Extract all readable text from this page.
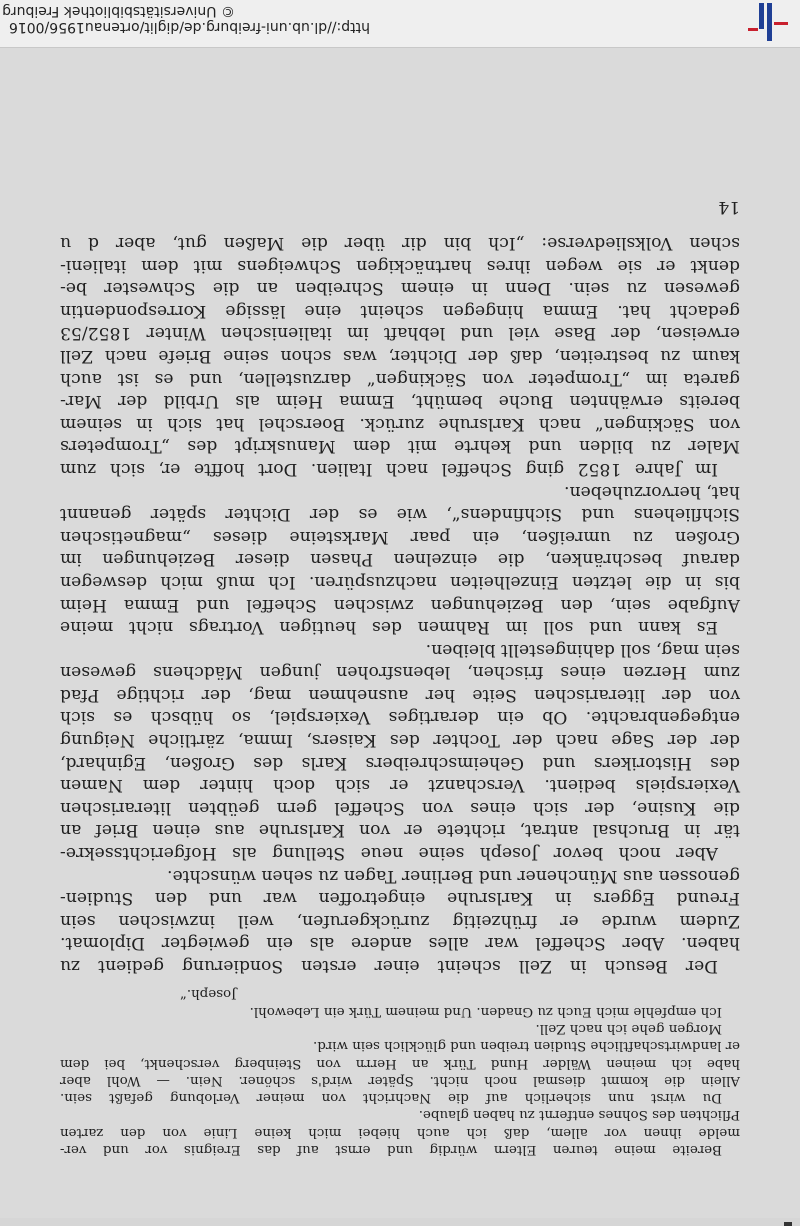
Bereite meine teuren Eltern würdig und ernst auf das Ereignis vor und ver-
melde ihnen vor allem, daß ich auch hiebei mich keine Linie von den zarten
Pflichten des Sohnes entfernt zu haben glaube.
Du wirst nun sicherlich auf die Nachricht von meiner Verlobung gefaßt sein.
Allein die kommt diesmal noch nicht. Später wird's schöner. Nein. — Wohl aber
habe ich meinen Wälder Hund Türk an Herrn von Steinberg verschenkt, bei dem
er landwirtschaftliche Studien treiben und glücklich sein wird.
Morgen gehe ich nach Zell.
Ich empfehle mich Euch zu Gnaden. Und meinem Türk ein Lebewohl.
Joseph.“
Der Besuch in Zell scheint einer ersten Sondierung gedient zu
haben. Aber Scheffel war alles andere als ein gewiegter Diplomat.
Zudem wurde er frühzeitig zurückgerufen, weil inzwischen sein
Freund Eggers in Karlsruhe eingetroffen war und den Studien-
genossen aus Münchener und Berliner Tagen zu sehen wünschte.
Aber noch bevor Joseph seine neue Stellung als Hofgerichtssekre-
tär in Bruchsal antrat, richtete er von Karlsruhe aus einen Brief an
die Kusine, der sich eines von Scheffel gern geübten literarischen
Vexierspiels bedient. Verschanzt er sich doch hinter dem Namen
des Historikers und Geheimschreibers Karls des Großen, Eginhard,
der der Sage nach der Tochter des Kaisers, Imma, zärtliche Neigung
entgegenbrachte. Ob ein derartiges Vexierspiel, so hübsch es sich
von der literarischen Seite her ausnehmen mag, der richtige Pfad
zum Herzen eines frischen, lebensfrohen jungen Mädchens gewesen
sein mag, soll dahingestellt bleiben.
Es kann und soll im Rahmen des heutigen Vortrags nicht meine
Aufgabe sein, den Beziehungen zwischen Scheffel und Emma Heim
bis in die letzten Einzelheiten nachzuspüren. Ich muß mich deswegen
darauf beschränken, die einzelnen Phasen dieser Beziehungen im
Großen zu umreißen, ein paar Marksteine dieses „magnetischen
Sichfliehens und Sichfindens“, wie es der Dichter später genannt
hat, hervorzuheben.
Im Jahre 1852 ging Scheffel nach Italien. Dort hoffte er, sich zum
Maler zu bilden und kehrte mit dem Manuskript des „Trompeters
von Säckingen“ nach Karlsruhe zurück. Boerschel hat sich in seinem
bereits erwähnten Buche bemüht, Emma Heim als Urbild der Mar-
gareta im „Trompeter von Säckingen“ darzustellen, und es ist auch
kaum zu bestreiten, daß der Dichter, was schon seine Briefe nach Zell
erweisen, der Base viel und lebhaft im italienischen Winter 1852/53
gedacht hat. Emma hingegen scheint eine lässige Korrespondentin
gewesen zu sein. Denn in einem Schreiben an die Schwester be-
denkt er sie wegen ihres hartnäckigen Schweigens mit dem italieni-
schen Volksliedverse: „Ich bin dir über die Maßen gut, aber d u
14
http://dl.ub.uni-freiburg.de/diglit/ortenau1956/0016
© Universitätsbibliothek Freiburg
